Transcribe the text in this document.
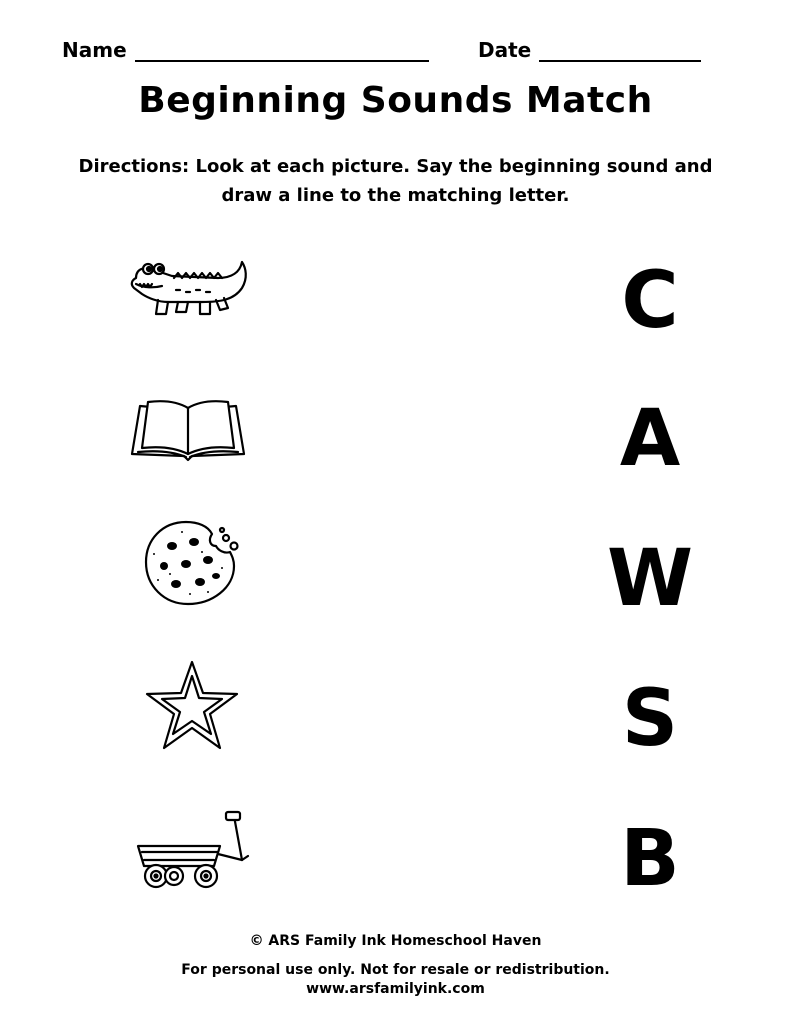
Name	Date
Beginning Sounds Match
Directions: Look at each picture. Say the beginning sound and
draw a line to the matching letter.
C
A
W
S
B
© ARS Family Ink Homeschool Haven
For personal use only. Not for resale or redistribution.
www.arsfamilyink.com
